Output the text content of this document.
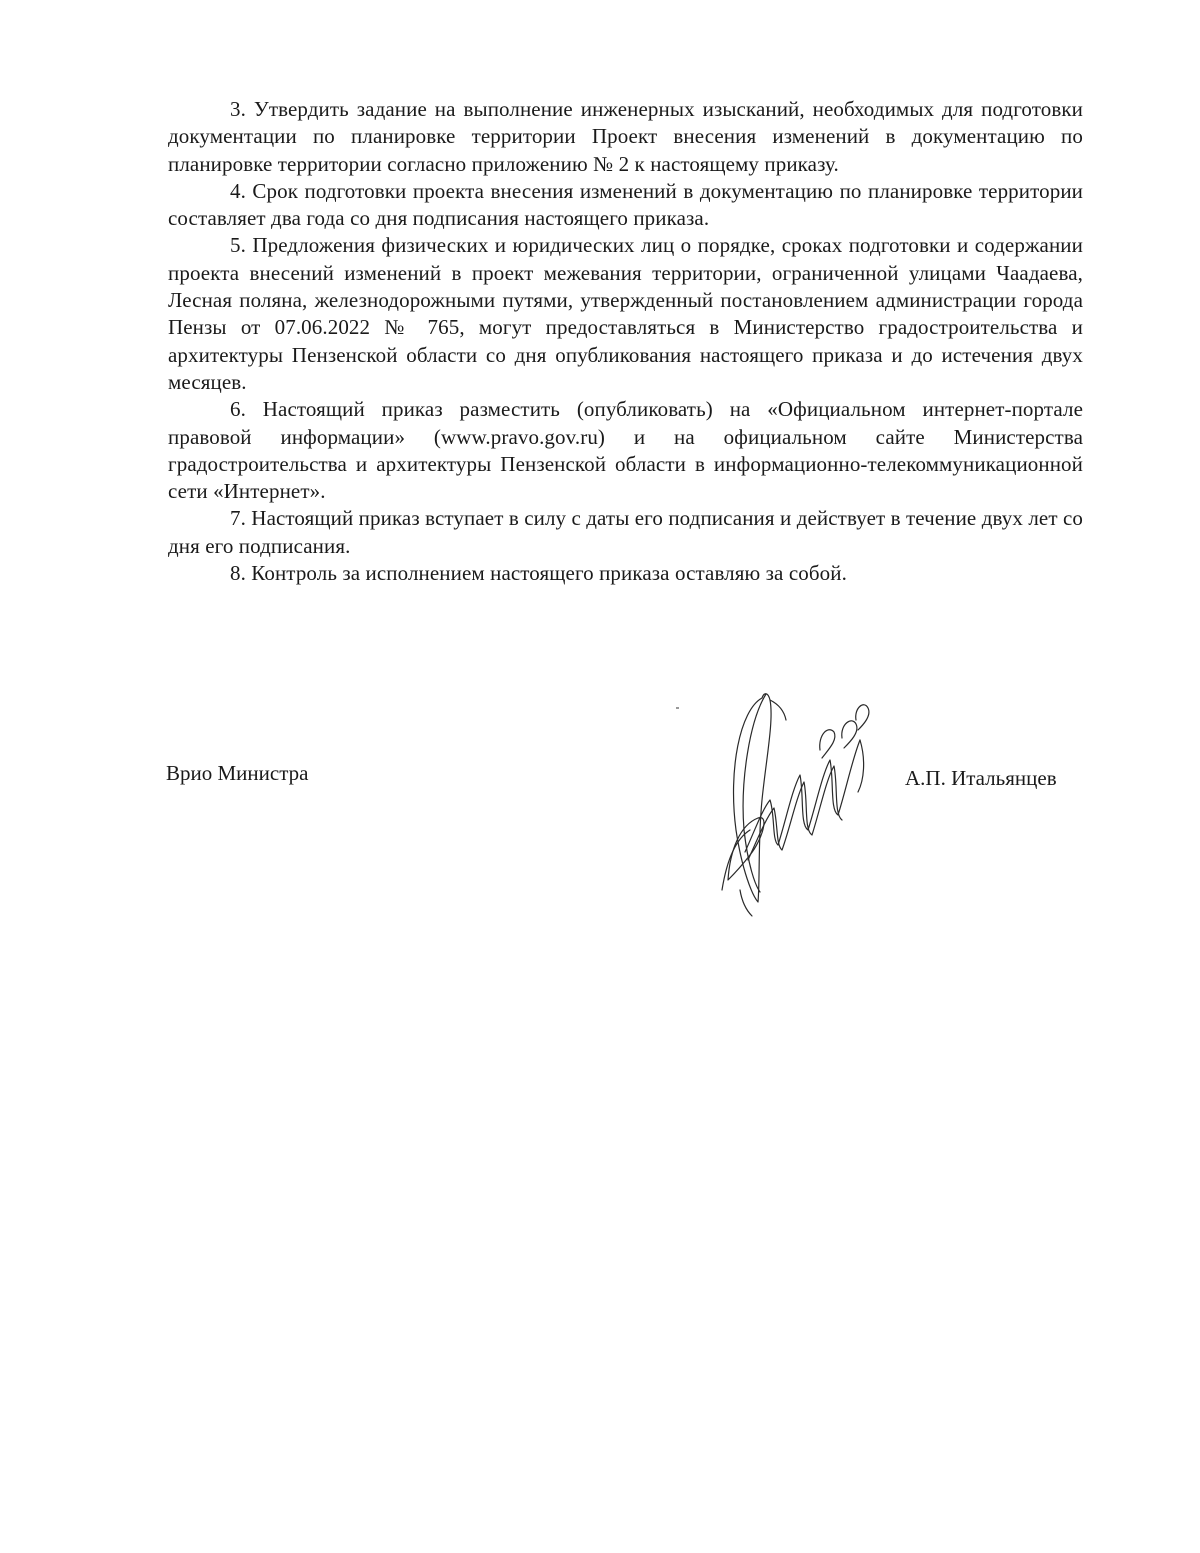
3. Утвердить задание на выполнение инженерных изысканий, необходимых для подготовки документации по планировке территории Проект внесения изменений в документацию по планировке территории согласно приложению № 2 к настоящему приказу.

4. Срок подготовки проекта внесения изменений в документацию по планировке территории составляет два года со дня подписания настоящего приказа.

5. Предложения физических и юридических лиц о порядке, сроках подготовки и содержании проекта внесений изменений в проект межевания территории, ограниченной улицами Чаадаева, Лесная поляна, железнодорожными путями, утвержденный постановлением администрации города Пензы от 07.06.2022 № 765, могут предоставляться в Министерство градостроительства и архитектуры Пензенской области со дня опубликования настоящего приказа и до истечения двух месяцев.

6. Настоящий приказ разместить (опубликовать) на «Официальном интернет-портале правовой информации» (www.pravo.gov.ru) и на официальном сайте Министерства градостроительства и архитектуры Пензенской области в информационно-телекоммуникационной сети «Интернет».

7. Настоящий приказ вступает в силу с даты его подписания и действует в течение двух лет со дня его подписания.

8. Контроль за исполнением настоящего приказа оставляю за собой.

Врио Министра	А.П. Итальянцев
